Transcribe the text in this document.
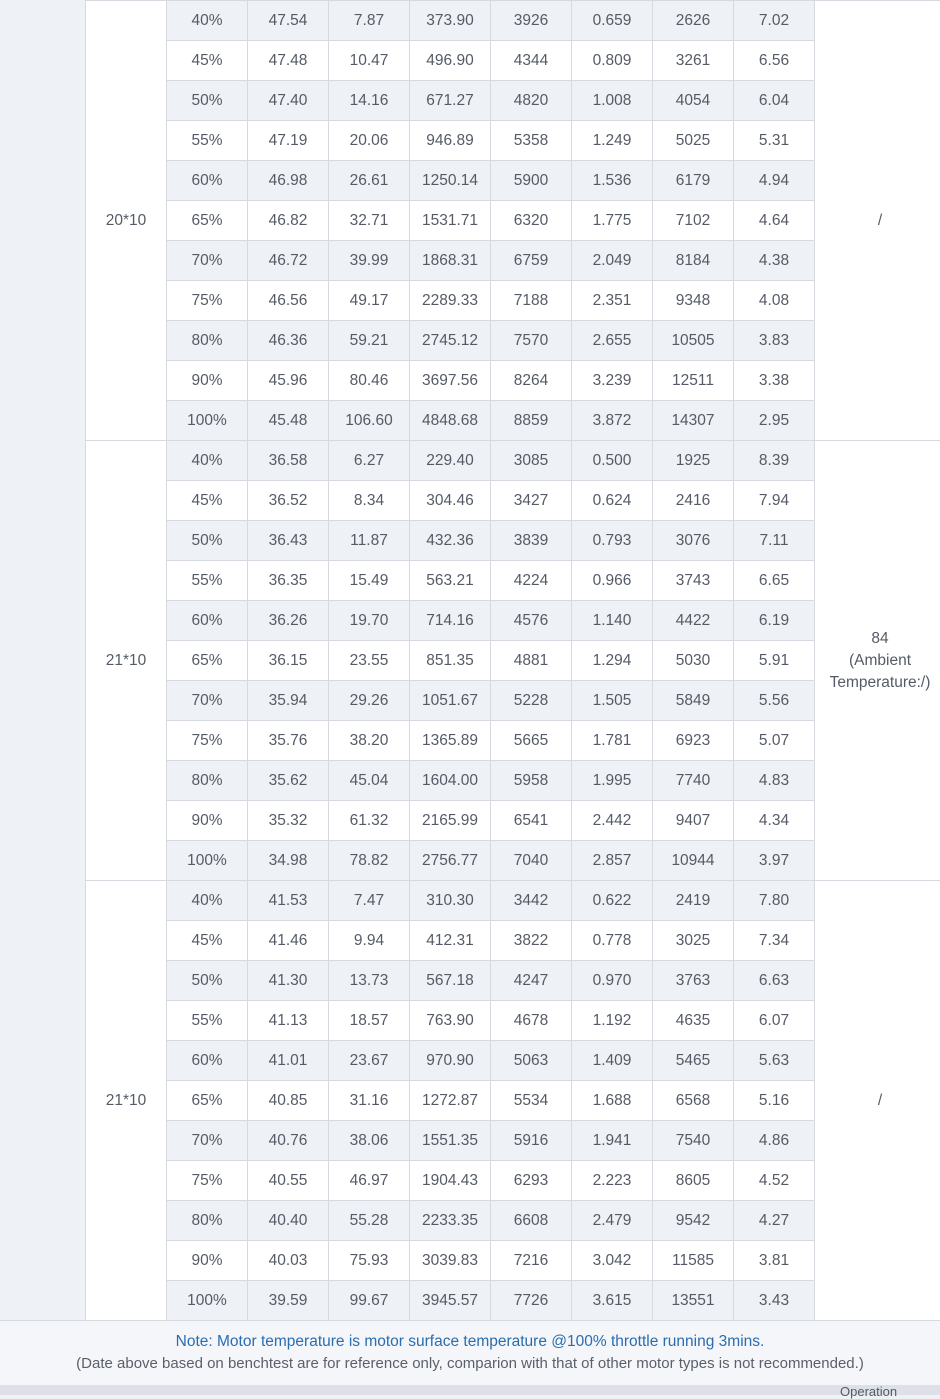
20*10	40%	47.54	7.87	373.90	3926	0.659	2626	7.02	/

	45%	47.48	10.47	496.90	4344	0.809	3261	6.56	
	50%	47.40	14.16	671.27	4820	1.008	4054	6.04	
	55%	47.19	20.06	946.89	5358	1.249	5025	5.31	
	60%	46.98	26.61	1250.14	5900	1.536	6179	4.94	
	65%	46.82	32.71	1531.71	6320	1.775	7102	4.64	
	70%	46.72	39.99	1868.31	6759	2.049	8184	4.38	
	75%	46.56	49.17	2289.33	7188	2.351	9348	4.08	
	80%	46.36	59.21	2745.12	7570	2.655	10505	3.83	
	90%	45.96	80.46	3697.56	8264	3.239	12511	3.38	
	100%	45.48	106.60	4848.68	8859	3.872	14307	2.95	
21*10	40%	36.58	6.27	229.40	3085	0.500	1925	8.39	84
(Ambient Temperature:/)

	45%	36.52	8.34	304.46	3427	0.624	2416	7.94	
	50%	36.43	11.87	432.36	3839	0.793	3076	7.11	
	55%	36.35	15.49	563.21	4224	0.966	3743	6.65	
	60%	36.26	19.70	714.16	4576	1.140	4422	6.19	
	65%	36.15	23.55	851.35	4881	1.294	5030	5.91	
	70%	35.94	29.26	1051.67	5228	1.505	5849	5.56	
	75%	35.76	38.20	1365.89	5665	1.781	6923	5.07	
	80%	35.62	45.04	1604.00	5958	1.995	7740	4.83	
	90%	35.32	61.32	2165.99	6541	2.442	9407	4.34	
	100%	34.98	78.82	2756.77	7040	2.857	10944	3.97	
21*10	40%	41.53	7.47	310.30	3442	0.622	2419	7.80	/

	45%	41.46	9.94	412.31	3822	0.778	3025	7.34	
	50%	41.30	13.73	567.18	4247	0.970	3763	6.63	
	55%	41.13	18.57	763.90	4678	1.192	4635	6.07	
	60%	41.01	23.67	970.90	5063	1.409	5465	5.63	
	65%	40.85	31.16	1272.87	5534	1.688	6568	5.16	
	70%	40.76	38.06	1551.35	5916	1.941	7540	4.86	
	75%	40.55	46.97	1904.43	6293	2.223	8605	4.52	
	80%	40.40	55.28	2233.35	6608	2.479	9542	4.27	
	90%	40.03	75.93	3039.83	7216	3.042	11585	3.81	
	100%	39.59	99.67	3945.57	7726	3.615	13551	3.43	
Note: Motor temperature is motor surface temperature @100% throttle running 3mins.
(Date above based on benchtest are for reference only, comparion with that of other motor types is not recommended.)
Operation
